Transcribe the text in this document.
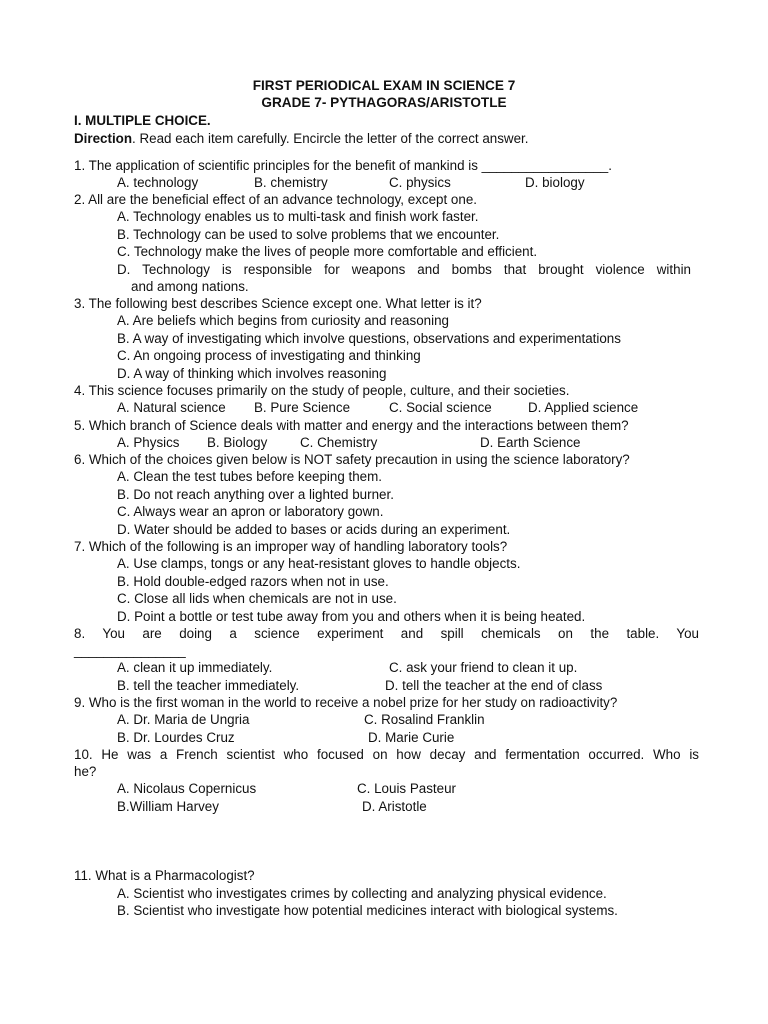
FIRST PERIODICAL EXAM IN SCIENCE 7
GRADE 7- PYTHAGORAS/ARISTOTLE
I. MULTIPLE CHOICE.
Direction. Read each item carefully. Encircle the letter of the correct answer.
1. The application of scientific principles for the benefit of mankind is _________________.
A. technology	B. chemistry	C. physics	D. biology
2. All are the beneficial effect of an advance technology, except one.
A. Technology enables us to multi-task and finish work faster.
B. Technology can be used to solve problems that we encounter.
C. Technology make the lives of people more comfortable and efficient.
D. Technology is responsible for weapons and bombs that brought violence within
and among nations.
3. The following best describes Science except one. What letter is it?
A. Are beliefs which begins from curiosity and reasoning
B. A way of investigating which involve questions, observations and experimentations
C. An ongoing process of investigating and thinking
D. A way of thinking which involves reasoning
4. This science focuses primarily on the study of people, culture, and their societies.
A. Natural science B. Pure Science	C. Social science	D. Applied science
5. Which branch of Science deals with matter and energy and the interactions between them?
A. Physics B. Biology C. Chemistry	D. Earth Science
6. Which of the choices given below is NOT safety precaution in using the science laboratory?
A. Clean the test tubes before keeping them.
B. Do not reach anything over a lighted burner.
C. Always wear an apron or laboratory gown.
D. Water should be added to bases or acids during an experiment.
7. Which of the following is an improper way of handling laboratory tools?
A. Use clamps, tongs or any heat-resistant gloves to handle objects.
B. Hold double-edged razors when not in use.
C. Close all lids when chemicals are not in use.
D. Point a bottle or test tube away from you and others when it is being heated.
8. You are doing a science experiment and spill chemicals on the table. You
_______________
A. clean it up immediately.	C. ask your friend to clean it up.
B. tell the teacher immediately.	D. tell the teacher at the end of class
9. Who is the first woman in the world to receive a nobel prize for her study on radioactivity?
A. Dr. Maria de Ungria	C. Rosalind Franklin
B. Dr. Lourdes Cruz	D. Marie Curie
10. He was a French scientist who focused on how decay and fermentation occurred. Who is
he?
A. Nicolaus Copernicus	C. Louis Pasteur
B.William Harvey	D. Aristotle
11. What is a Pharmacologist?
A. Scientist who investigates crimes by collecting and analyzing physical evidence.
B. Scientist who investigate how potential medicines interact with biological systems.
